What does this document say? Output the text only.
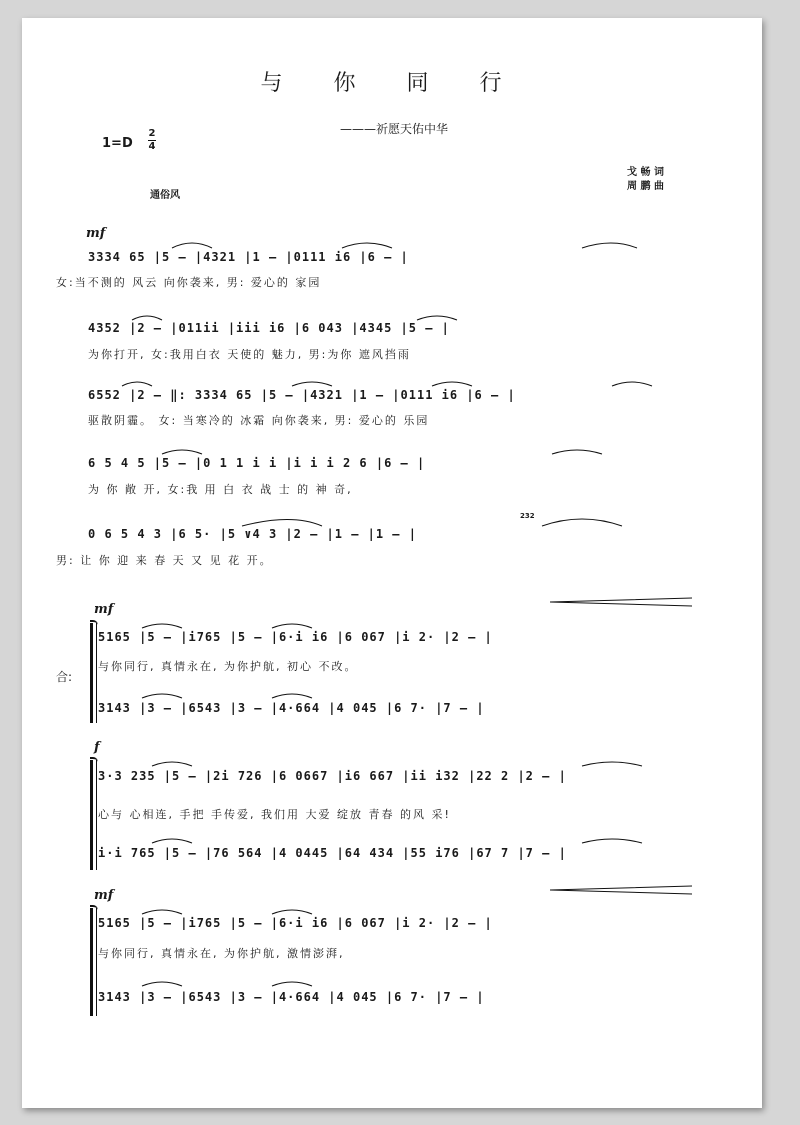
与 你 同 行
———祈愿天佑中华
1=D
2
4
通俗风
戈 畅 词
周 鹏 曲
mf
3334 65 |5 – |4321 |1 – |0111 i6 |6 – |
女:当不测的 风云 向你袭来, 男: 爱心的 家园
4352 |2 – |011ii |iii i6 |6 043 |4345 |5 – |
为你打开, 女:我用白衣 天使的 魅力, 男:为你 遮风挡雨
6552 |2 – ‖: 3334 65 |5 – |4321 |1 – |0111 i6 |6 – |
驱散阴霾。 女: 当寒冷的 冰霜 向你袭来, 男: 爱心的 乐园
6 5 4 5 |5 – |0 1 1 i i |i i i 2 6 |6 – |
为 你 敞 开, 女:我 用 白 衣 战 士 的 神 奇,
232
0 6 5 4 3 |6 5· |5 ∨4 3 |2 – |1 – |1 – |
男: 让 你 迎 来 春 天 又 见 花 开。
mf
5165 |5 – |i765 |5 – |6·i i6 |6 067 |i 2· |2 – |
与你同行, 真情永在, 为你护航, 初心 不改。
合:
3143 |3 – |6543 |3 – |4·664 |4 045 |6 7· |7 – |
f
3·3 235 |5 – |2i 726 |6 0667 |i6 667 |ii i32 |22 2 |2 – |
心与 心相连, 手把 手传爱, 我们用 大爱 绽放 青春 的风 采!
i·i 765 |5 – |76 564 |4 0445 |64 434 |55 i76 |67 7 |7 – |
mf
5165 |5 – |i765 |5 – |6·i i6 |6 067 |i 2· |2 – |
与你同行, 真情永在, 为你护航, 激情澎湃,
3143 |3 – |6543 |3 – |4·664 |4 045 |6 7· |7 – |
